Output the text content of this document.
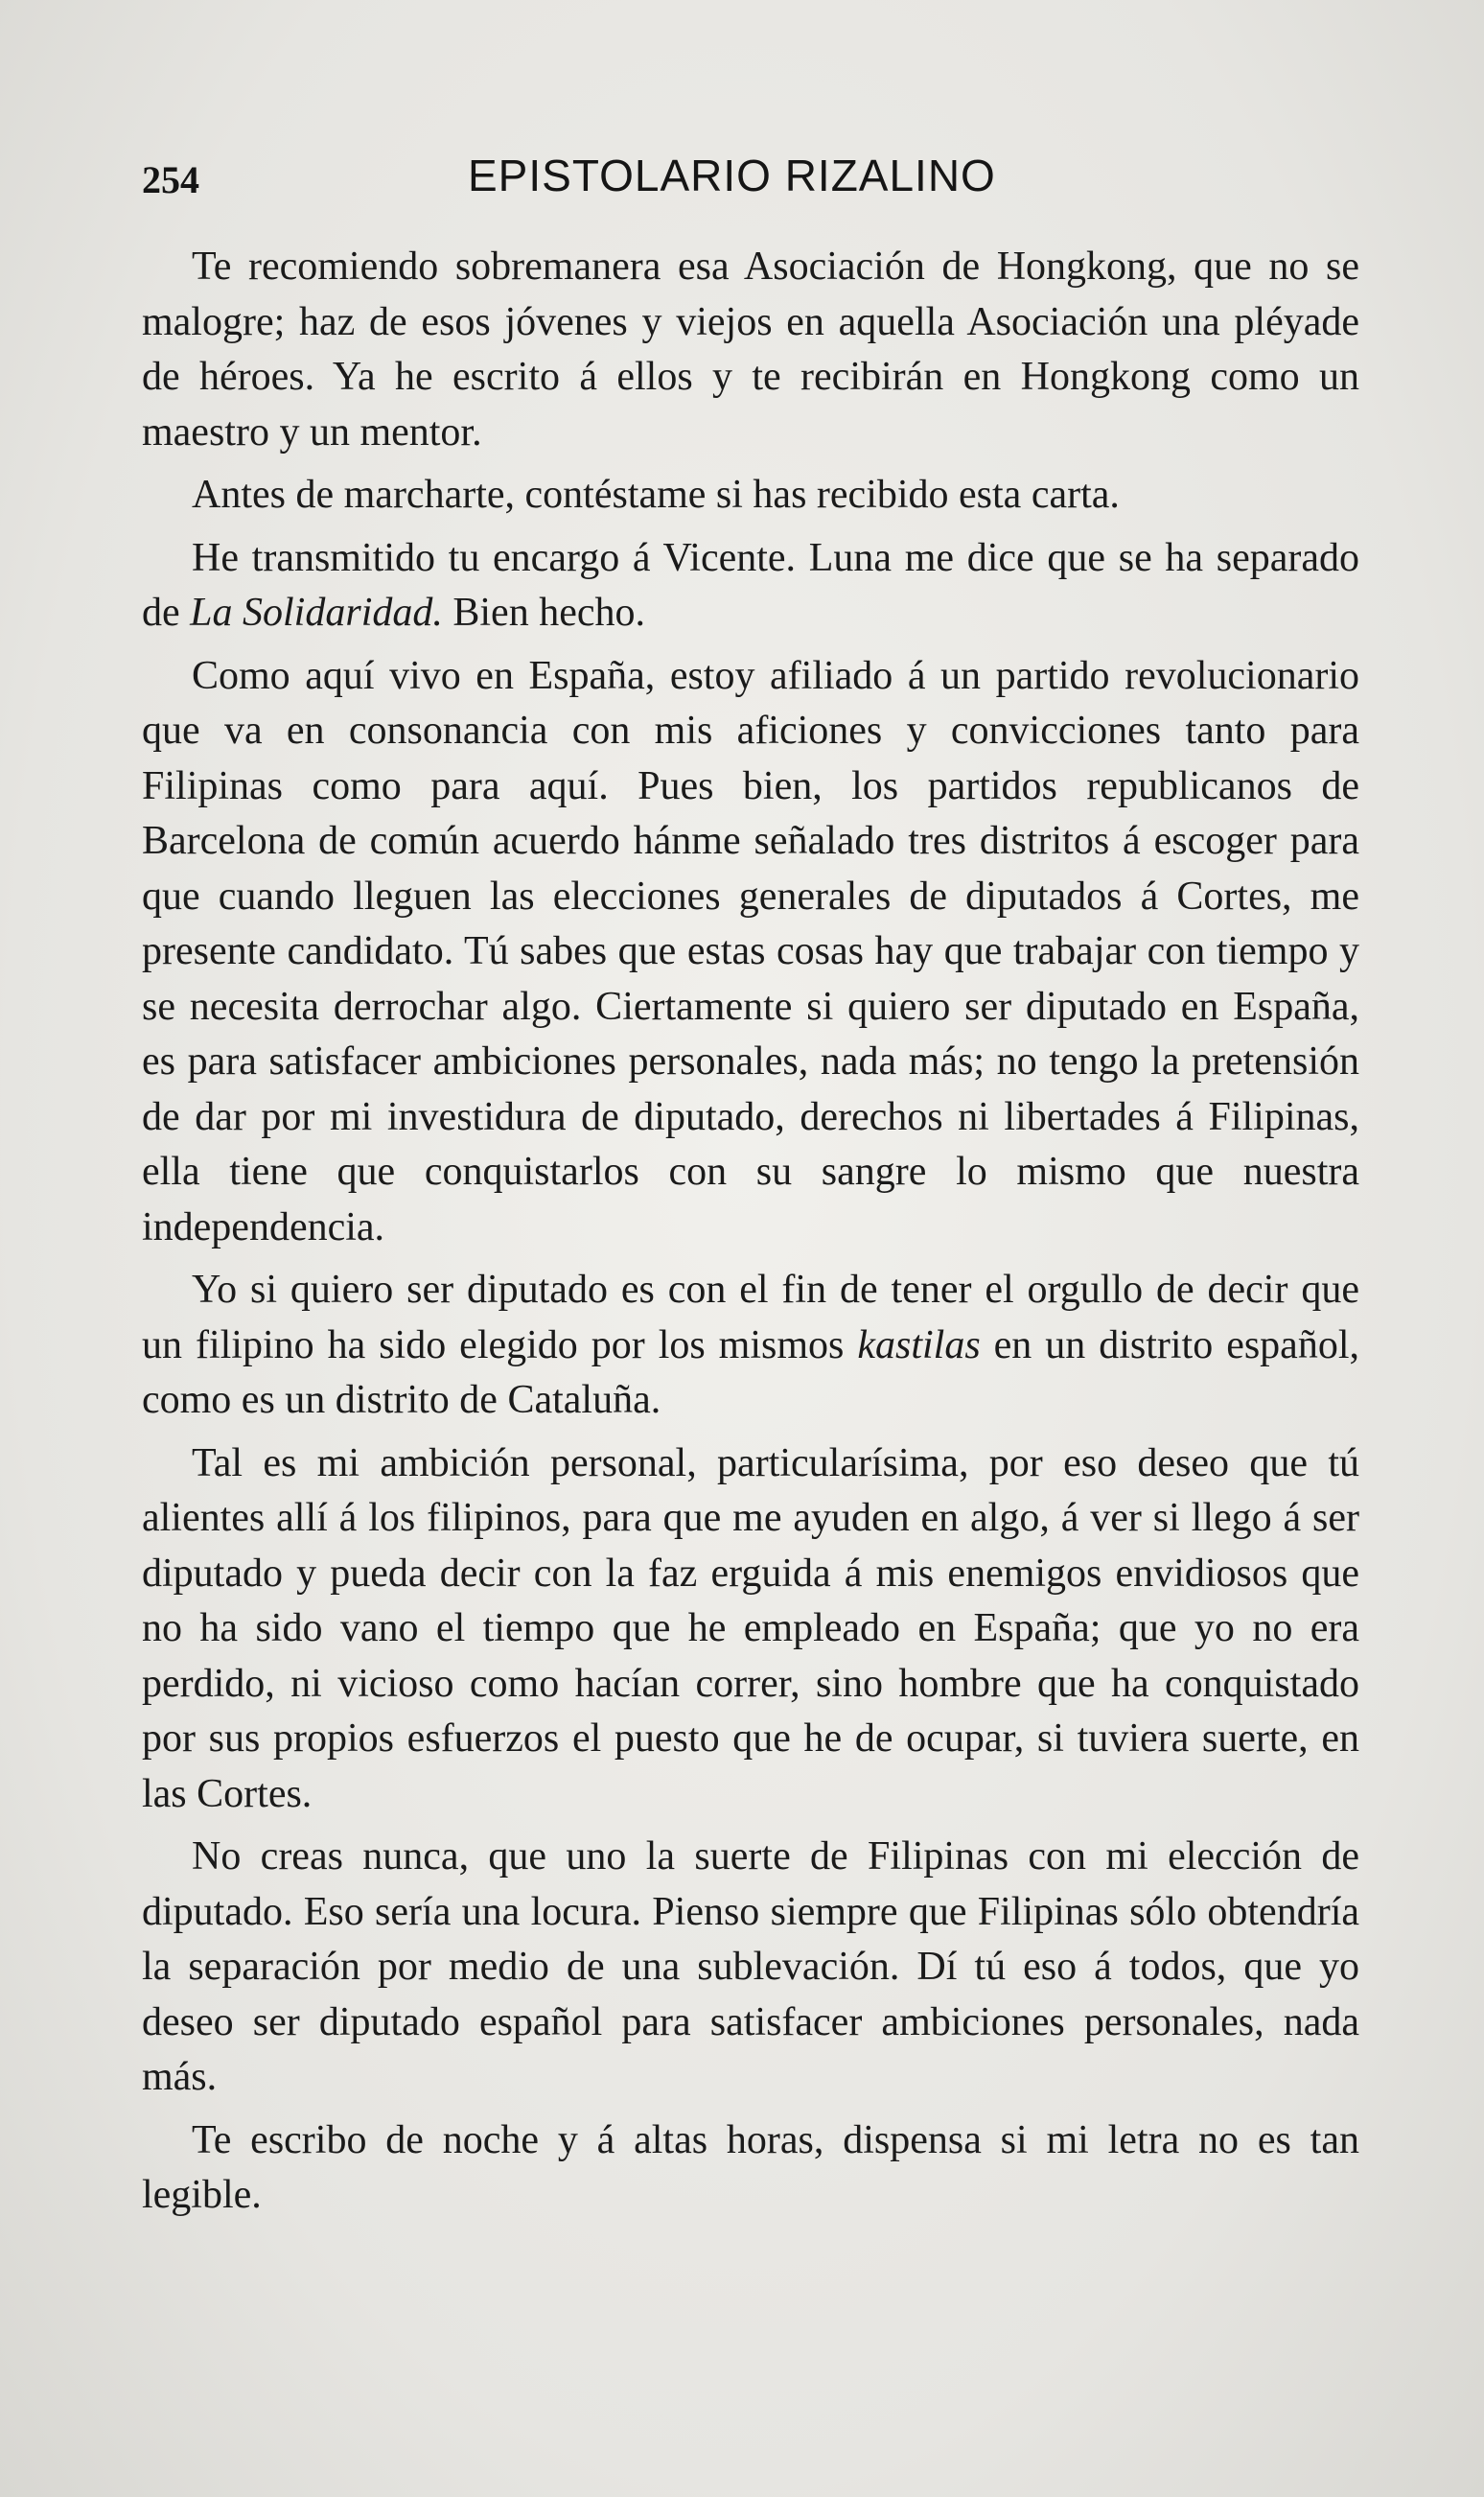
254	EPISTOLARIO RIZALINO

Te recomiendo sobremanera esa Asociación de Hongkong, que no se malogre; haz de esos jóvenes y viejos en aquella Asociación una pléyade de héroes. Ya he escrito á ellos y te recibirán en Hongkong como un maestro y un mentor.

Antes de marcharte, contéstame si has recibido esta carta.

He transmitido tu encargo á Vicente. Luna me dice que se ha separado de La Solidaridad. Bien hecho.

Como aquí vivo en España, estoy afiliado á un partido revolucionario que va en consonancia con mis aficiones y convicciones tanto para Filipinas como para aquí. Pues bien, los partidos republicanos de Barcelona de común acuerdo hánme señalado tres distritos á escoger para que cuando lleguen las elecciones generales de diputados á Cortes, me presente candidato. Tú sabes que estas cosas hay que trabajar con tiempo y se necesita derrochar algo. Ciertamente si quiero ser diputado en España, es para satisfacer ambiciones personales, nada más; no tengo la pretensión de dar por mi investidura de diputado, derechos ni libertades á Filipinas, ella tiene que conquistarlos con su sangre lo mismo que nuestra independencia.

Yo si quiero ser diputado es con el fin de tener el orgullo de decir que un filipino ha sido elegido por los mismos kastilas en un distrito español, como es un distrito de Cataluña.

Tal es mi ambición personal, particularísima, por eso deseo que tú alientes allí á los filipinos, para que me ayuden en algo, á ver si llego á ser diputado y pueda decir con la faz erguida á mis enemigos envidiosos que no ha sido vano el tiempo que he empleado en España; que yo no era perdido, ni vicioso como hacían correr, sino hombre que ha conquistado por sus propios esfuerzos el puesto que he de ocupar, si tuviera suerte, en las Cortes.

No creas nunca, que uno la suerte de Filipinas con mi elección de diputado. Eso sería una locura. Pienso siempre que Filipinas sólo obtendría la separación por medio de una sublevación. Dí tú eso á todos, que yo deseo ser diputado español para satisfacer ambiciones personales, nada más.

Te escribo de noche y á altas horas, dispensa si mi letra no es tan legible.
